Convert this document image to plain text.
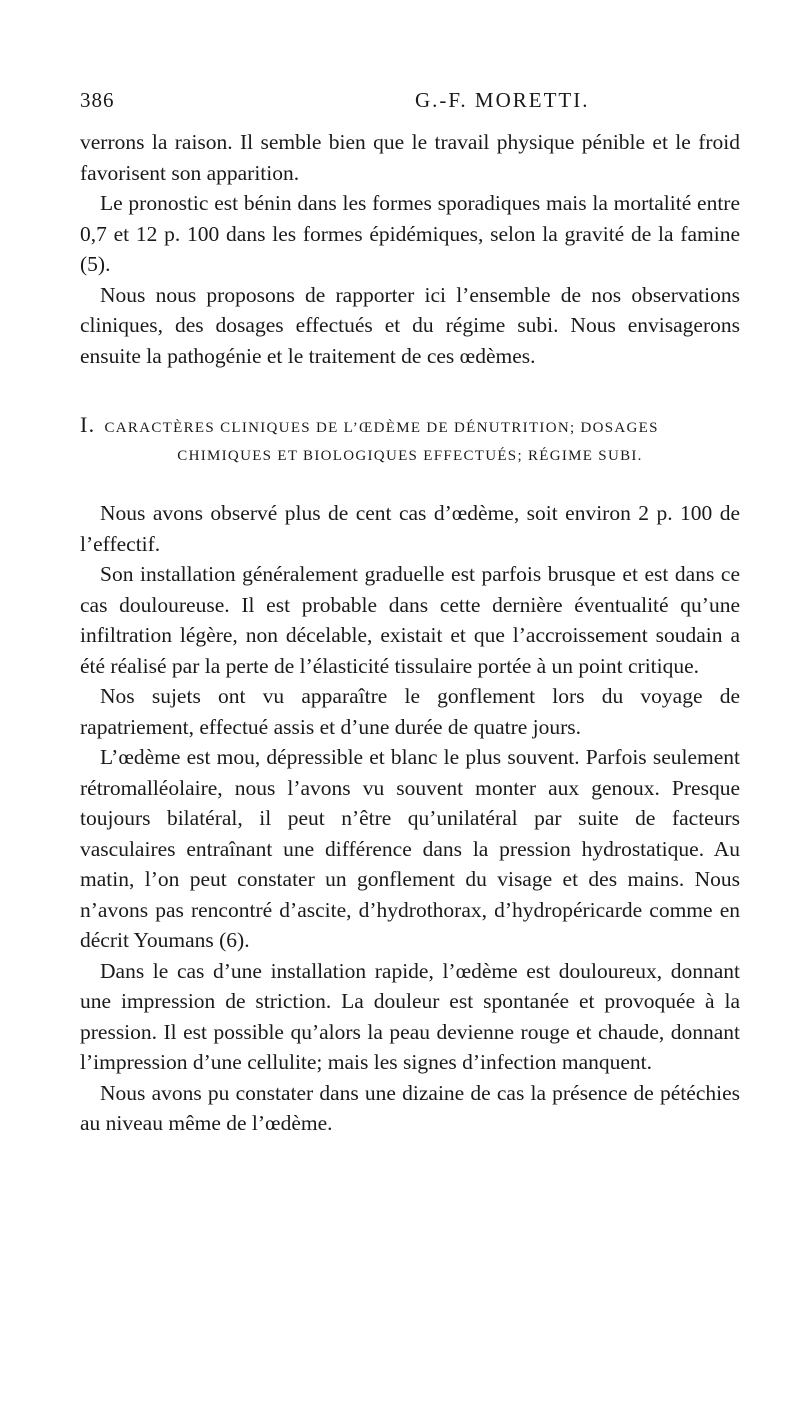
386	G.-F. MORETTI.

verrons la raison. Il semble bien que le travail physique pénible et le froid favorisent son apparition.

Le pronostic est bénin dans les formes sporadiques mais la mortalité entre 0,7 et 12 p. 100 dans les formes épidémiques, selon la gravité de la famine (5).

Nous nous proposons de rapporter ici l’ensemble de nos observations cliniques, des dosages effectués et du régime subi. Nous envisagerons ensuite la pathogénie et le traitement de ces œdèmes.

I. CARACTÈRES CLINIQUES DE L’ŒDÈME DE DÉNUTRITION; DOSAGES
CHIMIQUES ET BIOLOGIQUES EFFECTUÉS; RÉGIME SUBI.

Nous avons observé plus de cent cas d’œdème, soit environ 2 p. 100 de l’effectif.

Son installation généralement graduelle est parfois brusque et est dans ce cas douloureuse. Il est probable dans cette dernière éventualité qu’une infiltration légère, non décelable, existait et que l’accroissement soudain a été réalisé par la perte de l’élasticité tissulaire portée à un point critique.

Nos sujets ont vu apparaître le gonflement lors du voyage de rapatriement, effectué assis et d’une durée de quatre jours.

L’œdème est mou, dépressible et blanc le plus souvent. Parfois seulement rétromalléolaire, nous l’avons vu souvent monter aux genoux. Presque toujours bilatéral, il peut n’être qu’unilatéral par suite de facteurs vasculaires entraînant une différence dans la pression hydrostatique. Au matin, l’on peut constater un gonflement du visage et des mains. Nous n’avons pas rencontré d’ascite, d’hydrothorax, d’hydropéricarde comme en décrit Youmans (6).

Dans le cas d’une installation rapide, l’œdème est douloureux, donnant une impression de striction. La douleur est spontanée et provoquée à la pression. Il est possible qu’alors la peau devienne rouge et chaude, donnant l’impression d’une cellulite; mais les signes d’infection manquent.

Nous avons pu constater dans une dizaine de cas la présence de pétéchies au niveau même de l’œdème.
